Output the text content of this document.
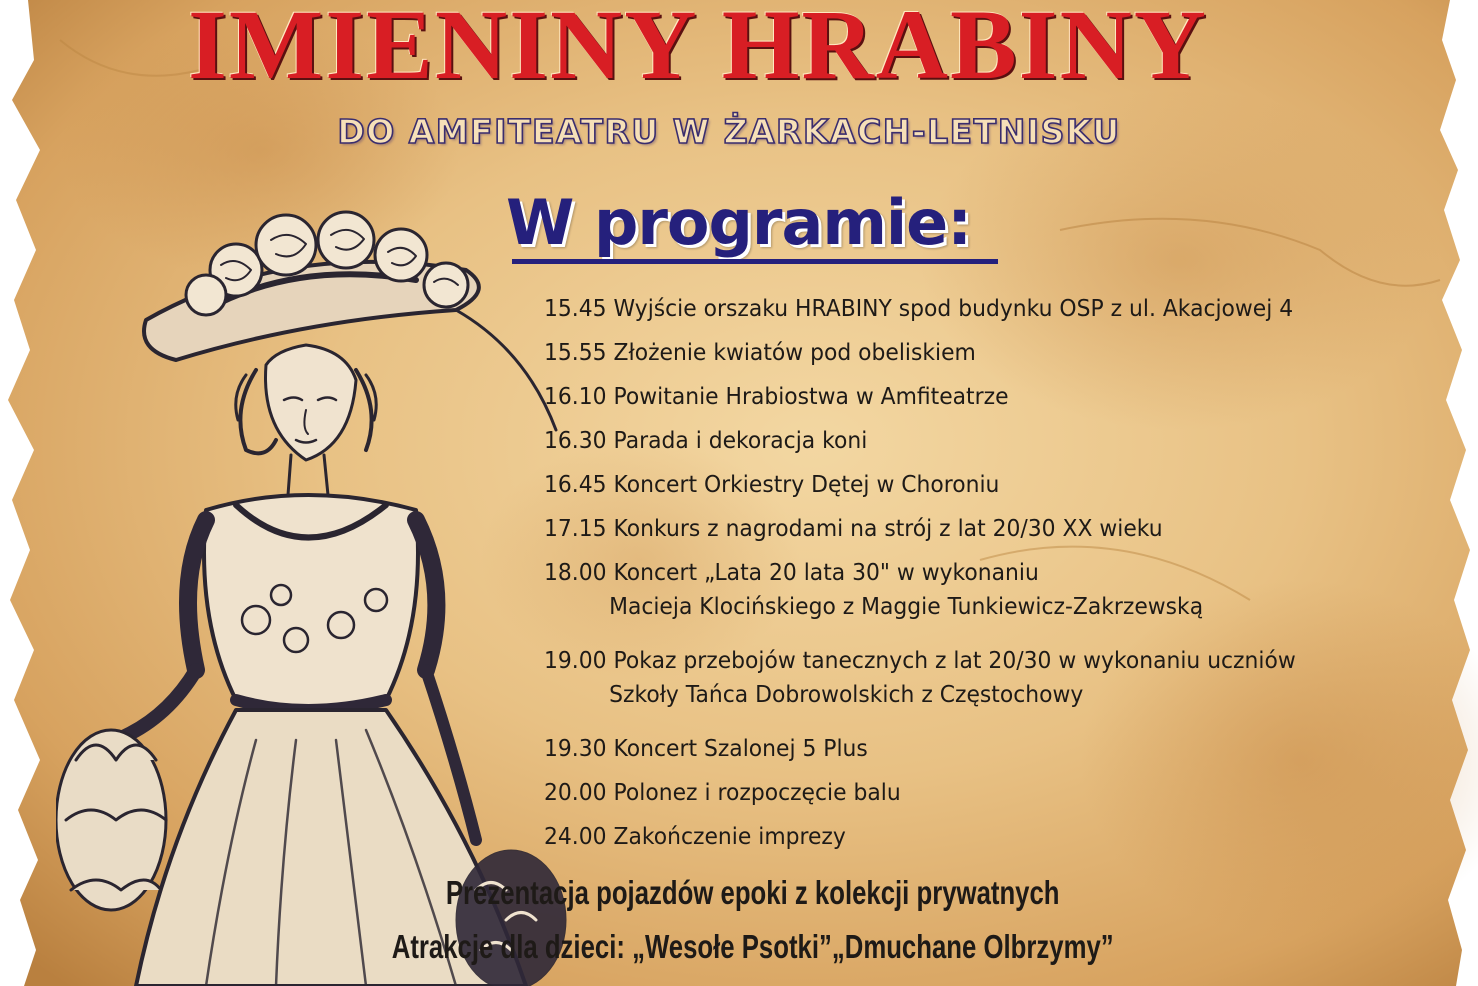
IMIENINY HRABINY
DO AMFITEATRU W ŻARKACH-LETNISKU
W programie:
15.45 Wyjście orszaku HRABINY spod budynku OSP z ul. Akacjowej 4
15.55 Złożenie kwiatów pod obeliskiem
16.10 Powitanie Hrabiostwa w Amfiteatrze
16.30 Parada i dekoracja koni
16.45 Koncert Orkiestry Dętej w Choroniu
17.15 Konkurs z nagrodami na strój z lat 20/30 XX wieku
18.00 Koncert „Lata 20 lata 30" w wykonaniu
Macieja Klocińskiego z Maggie Tunkiewicz-Zakrzewską
19.00 Pokaz przebojów tanecznych z lat 20/30 w wykonaniu uczniów
Szkoły Tańca Dobrowolskich z Częstochowy
19.30 Koncert Szalonej 5 Plus
20.00 Polonez i rozpoczęcie balu
24.00 Zakończenie imprezy
Prezentacja pojazdów epoki z kolekcji prywatnych
Atrakcje dla dzieci: „Wesołe Psotki”„Dmuchane Olbrzymy”
